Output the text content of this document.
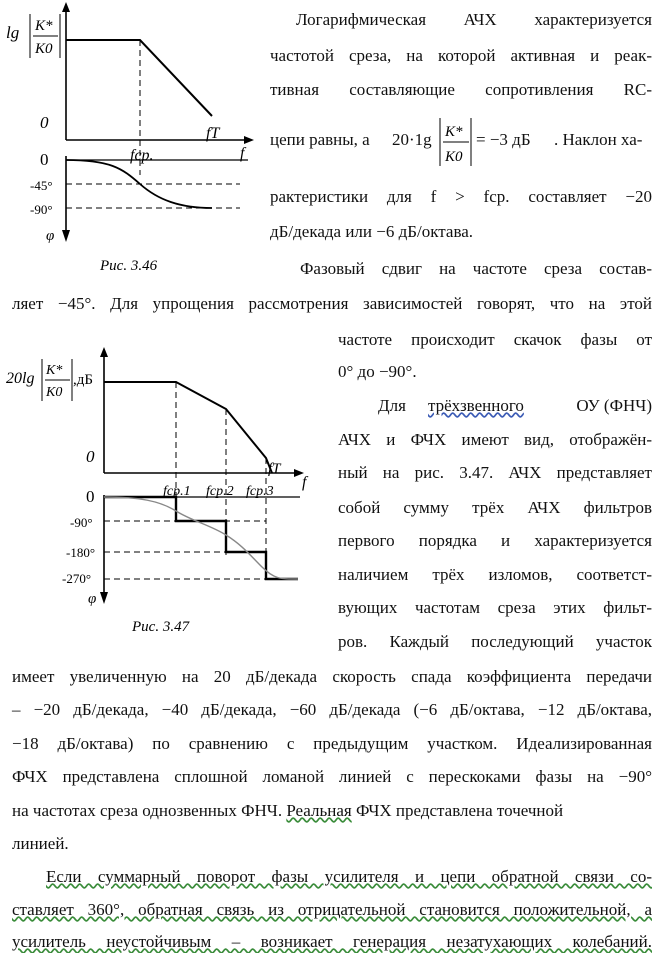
lg K*
K0
0
fср.
fT
f
0
-45°
-90°
φ
Рис. 3.46
20lg K*
K0
,дБ
0
fср.1 fср.2 fср.3
fT
f
0
-90°
-180°
-270°
φ
Рис. 3.47
Логарифмическая АЧХ характеризуется
частотой среза, на которой активная и реак-
тивная составляющие сопротивления RC-
цепи равны, а 20·1g K*
K0
= −3 дБ . Наклон ха-
рактеристики для f > fср. составляет −20
дБ/декада или −6 дБ/октава.
Фазовый сдвиг на частоте среза состав-
ляет −45°. Для упрощения рассмотрения зависимостей говорят, что на этой
частоте происходит скачок фазы от
0° до −90°.
Для трёхзвенного	ОУ (ФНЧ)
АЧХ и ФЧХ имеют вид, отображён-
ный на рис. 3.47. АЧХ представляет
собой сумму трёх АЧХ фильтров
первого порядка и характеризуется
наличием трёх изломов, соответст-
вующих частотам среза этих фильт-
ров. Каждый последующий участок
имеет увеличенную на 20 дБ/декада скорость спада коэффициента передачи
– −20 дБ/декада, −40 дБ/декада, −60 дБ/декада (−6 дБ/октава, −12 дБ/октава,
−18 дБ/октава) по сравнению с предыдущим участком. Идеализированная
ФЧХ представлена сплошной ломаной линией с перескоками фазы на −90°
на частотах среза однозвенных ФНЧ. Реальная ФЧХ представлена точечной
линией.
Если суммарный поворот фазы усилителя и цепи обратной связи со-
ставляет 360°, обратная связь из отрицательной становится положительной, а
усилитель неустойчивым – возникает генерация незатухающих колебаний.
